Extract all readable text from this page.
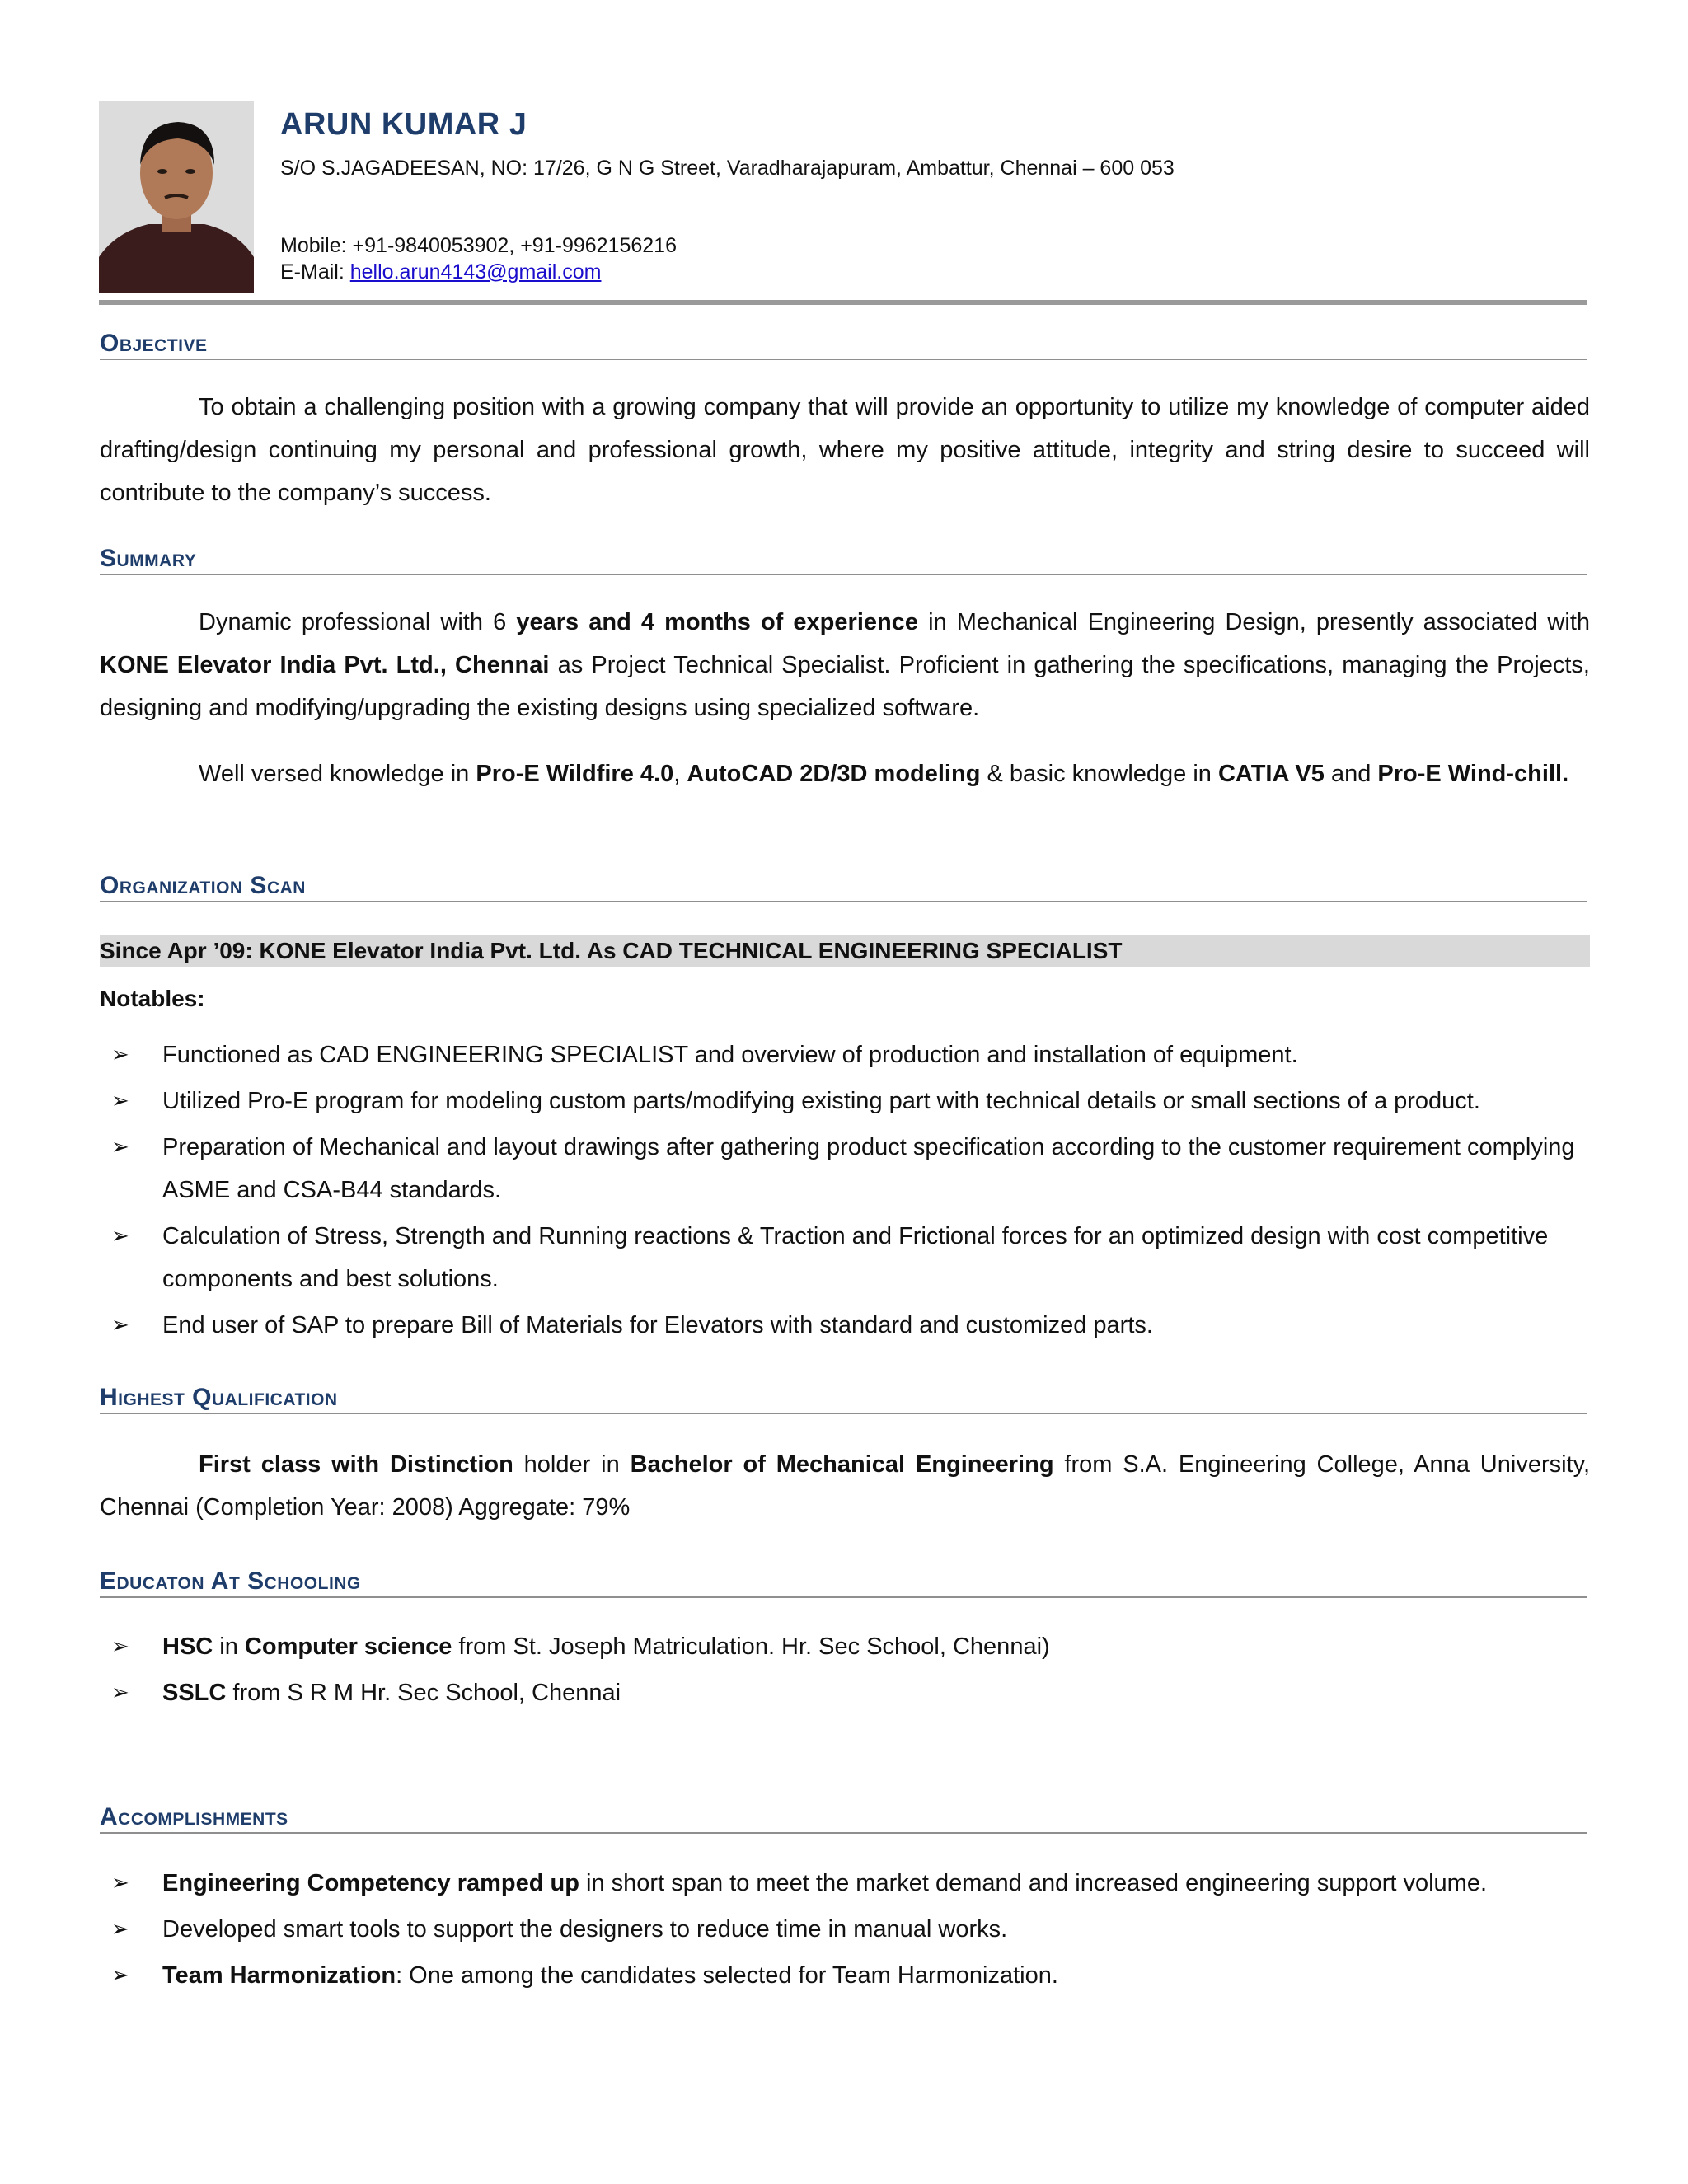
ARUN KUMAR J
S/O S.JAGADEESAN, NO: 17/26, G N G Street, Varadharajapuram, Ambattur, Chennai – 600 053
Mobile: +91-9840053902, +91-9962156216
E-Mail: hello.arun4143@gmail.com
Objective
To obtain a challenging position with a growing company that will provide an opportunity to utilize my knowledge of computer aided drafting/design continuing my personal and professional growth, where my positive attitude, integrity and string desire to succeed will contribute to the company’s success.
Summary
Dynamic professional with 6 years and 4 months of experience in Mechanical Engineering Design, presently associated with KONE Elevator India Pvt. Ltd., Chennai as Project Technical Specialist. Proficient in gathering the specifications, managing the Projects, designing and modifying/upgrading the existing designs using specialized software.
Well versed knowledge in Pro-E Wildfire 4.0, AutoCAD 2D/3D modeling & basic knowledge in CATIA V5 and Pro-E Wind-chill.
Organization Scan
Since Apr ’09: KONE Elevator India Pvt. Ltd. As CAD TECHNICAL ENGINEERING SPECIALIST
Notables:
➢ Functioned as CAD ENGINEERING SPECIALIST and overview of production and installation of equipment.
➢ Utilized Pro-E program for modeling custom parts/modifying existing part with technical details or small sections of a product.
➢ Preparation of Mechanical and layout drawings after gathering product specification according to the customer requirement complying ASME and CSA-B44 standards.
➢ Calculation of Stress, Strength and Running reactions & Traction and Frictional forces for an optimized design with cost competitive components and best solutions.
➢ End user of SAP to prepare Bill of Materials for Elevators with standard and customized parts.
Highest Qualification
First class with Distinction holder in Bachelor of Mechanical Engineering from S.A. Engineering College, Anna University, Chennai (Completion Year: 2008) Aggregate: 79%
Educaton At Schooling
➢ HSC in Computer science from St. Joseph Matriculation. Hr. Sec School, Chennai)
➢ SSLC from S R M Hr. Sec School, Chennai
Accomplishments
➢ Engineering Competency ramped up in short span to meet the market demand and increased engineering support volume.
➢ Developed smart tools to support the designers to reduce time in manual works.
➢ Team Harmonization: One among the candidates selected for Team Harmonization.
